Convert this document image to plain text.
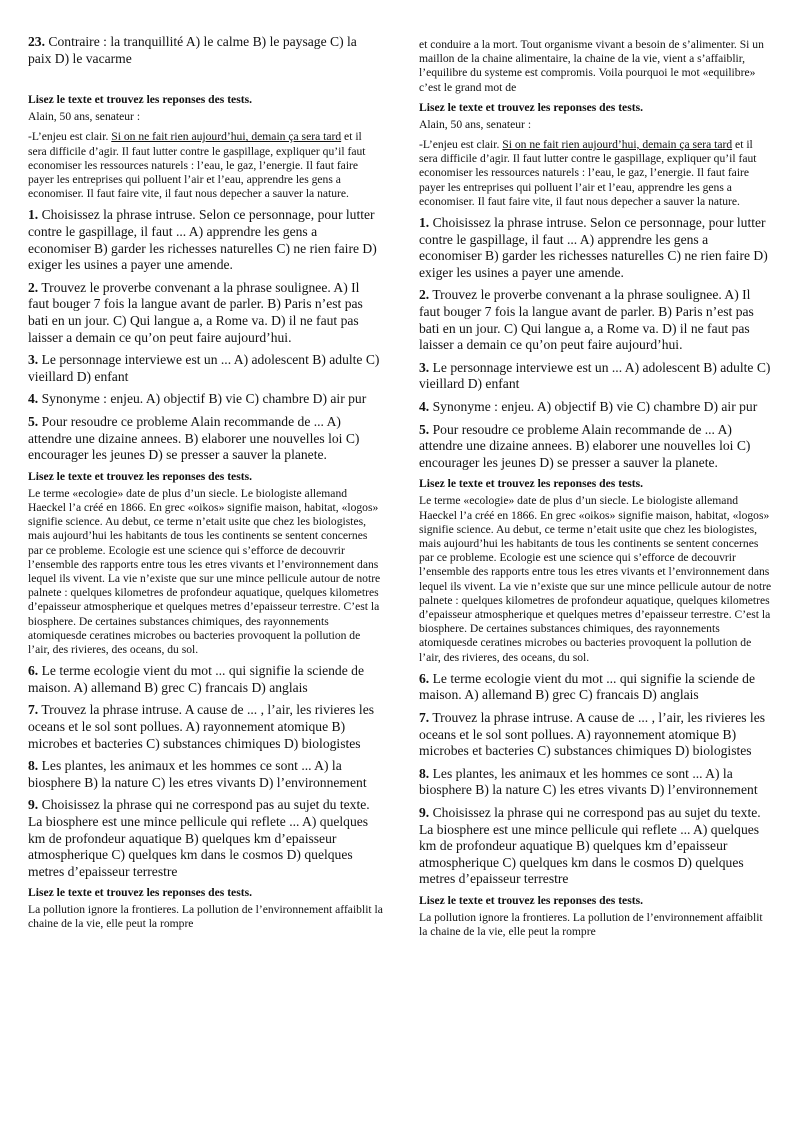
23. Contraire : la tranquillité A) le calme B) le paysage C) la paix D) le vacarme

Lisez le texte et trouvez les reponses des tests.

Alain, 50 ans, senateur :

-L’enjeu est clair. Si on ne fait rien aujourd’hui, demain ça sera tard et il sera difficile d’agir. Il faut lutter contre le gaspillage, expliquer qu’il faut economiser les ressources naturels : l’eau, le gaz, l’energie. Il faut faire payer les entreprises qui polluent l’air et l’eau, apprendre les gens a economiser. Il faut faire vite, il faut nous depecher a sauver la nature.

1. Choisissez la phrase intruse. Selon ce personnage, pour lutter contre le gaspillage, il faut ... A) apprendre les gens a economiser B) garder les richesses naturelles C) ne rien faire D) exiger les usines a payer une amende.

2. Trouvez le proverbe convenant a la phrase soulignee. A) Il faut bouger 7 fois la langue avant de parler. B) Paris n’est pas bati en un jour. C) Qui langue a, a Rome va. D) il ne faut pas laisser a demain ce qu’on peut faire aujourd’hui.

3. Le personnage interviewe est un ... A) adolescent B) adulte C) vieillard D) enfant

4. Synonyme : enjeu. A) objectif B) vie C) chambre D) air pur

5. Pour resoudre ce probleme Alain recommande de ... A) attendre une dizaine annees. B) elaborer une nouvelles loi C) encourager les jeunes D) se presser a sauver la planete.

Lisez le texte et trouvez les reponses des tests.

Le terme «ecologie» date de plus d’un siecle. Le biologiste allemand Haeckel l’a créé en 1866. En grec «oikos» signifie maison, habitat, «logos» signifie science. Au debut, ce terme n’etait usite que chez les biologistes, mais aujourd’hui les habitants de tous les continents se sentent concernes par ce probleme. Ecologie est une science qui s’efforce de decouvrir l’ensemble des rapports entre tous les etres vivants et l’environnement dans lequel ils vivent. La vie n’existe que sur une mince pellicule autour de notre palnete : quelques kilometres de profondeur aquatique, quelques kilometres d’epaisseur atmospherique et quelques metres d’epaisseur terrestre. C’est la biosphere. De certaines substances chimiques, des rayonnements atomiquesde ceratines microbes ou bacteries provoquent la pollution de l’air, des rivieres, des oceans, du sol.

6. Le terme ecologie vient du mot ... qui signifie la sciende de maison. A) allemand B) grec C) francais D) anglais

7. Trouvez la phrase intruse. A cause de ... , l’air, les rivieres les oceans et le sol sont pollues. A) rayonnement atomique B) microbes et bacteries C) substances chimiques D) biologistes

8. Les plantes, les animaux et les hommes ce sont ... A) la biosphere B) la nature C) les etres vivants D) l’environnement

9. Choisissez la phrase qui ne correspond pas au sujet du texte. La biosphere est une mince pellicule qui reflete ... A) quelques km de profondeur aquatique B) quelques km d’epaisseur atmospherique C) quelques km dans le cosmos D) quelques metres d’epaisseur terrestre

Lisez le texte et trouvez les reponses des tests.

La pollution ignore la frontieres. La pollution de l’environnement affaiblit la chaine de la vie, elle peut la rompre

et conduire a la mort. Tout organisme vivant a besoin de s’alimenter. Si un maillon de la chaine alimentaire, la chaine de la vie, vient a s’affaiblir, l’equilibre du systeme est compromis. Voila pourquoi le mot «equilibre» c’est le grand mot de

Lisez le texte et trouvez les reponses des tests.

Alain, 50 ans, senateur :

-L’enjeu est clair. Si on ne fait rien aujourd’hui, demain ça sera tard et il sera difficile d’agir. Il faut lutter contre le gaspillage, expliquer qu’il faut economiser les ressources naturels : l’eau, le gaz, l’energie. Il faut faire payer les entreprises qui polluent l’air et l’eau, apprendre les gens a economiser. Il faut faire vite, il faut nous depecher a sauver la nature.

1. Choisissez la phrase intruse. Selon ce personnage, pour lutter contre le gaspillage, il faut ... A) apprendre les gens a economiser B) garder les richesses naturelles C) ne rien faire D) exiger les usines a payer une amende.

2. Trouvez le proverbe convenant a la phrase soulignee. A) Il faut bouger 7 fois la langue avant de parler. B) Paris n’est pas bati en un jour. C) Qui langue a, a Rome va. D) il ne faut pas laisser a demain ce qu’on peut faire aujourd’hui.

3. Le personnage interviewe est un ... A) adolescent B) adulte C) vieillard D) enfant

4. Synonyme : enjeu. A) objectif B) vie C) chambre D) air pur

5. Pour resoudre ce probleme Alain recommande de ... A) attendre une dizaine annees. B) elaborer une nouvelles loi C) encourager les jeunes D) se presser a sauver la planete.

Lisez le texte et trouvez les reponses des tests.

Le terme «ecologie» date de plus d’un siecle. Le biologiste allemand Haeckel l’a créé en 1866. En grec «oikos» signifie maison, habitat, «logos» signifie science. Au debut, ce terme n’etait usite que chez les biologistes, mais aujourd’hui les habitants de tous les continents se sentent concernes par ce probleme. Ecologie est une science qui s’efforce de decouvrir l’ensemble des rapports entre tous les etres vivants et l’environnement dans lequel ils vivent. La vie n’existe que sur une mince pellicule autour de notre palnete : quelques kilometres de profondeur aquatique, quelques kilometres d’epaisseur atmospherique et quelques metres d’epaisseur terrestre. C’est la biosphere. De certaines substances chimiques, des rayonnements atomiquesde ceratines microbes ou bacteries provoquent la pollution de l’air, des rivieres, des oceans, du sol.

6. Le terme ecologie vient du mot ... qui signifie la sciende de maison. A) allemand B) grec C) francais D) anglais

7. Trouvez la phrase intruse. A cause de ... , l’air, les rivieres les oceans et le sol sont pollues. A) rayonnement atomique B) microbes et bacteries C) substances chimiques D) biologistes

8. Les plantes, les animaux et les hommes ce sont ... A) la biosphere B) la nature C) les etres vivants D) l’environnement

9. Choisissez la phrase qui ne correspond pas au sujet du texte. La biosphere est une mince pellicule qui reflete ... A) quelques km de profondeur aquatique B) quelques km d’epaisseur atmospherique C) quelques km dans le cosmos D) quelques metres d’epaisseur terrestre

Lisez le texte et trouvez les reponses des tests.

La pollution ignore la frontieres. La pollution de l’environnement affaiblit la chaine de la vie, elle peut la rompre
